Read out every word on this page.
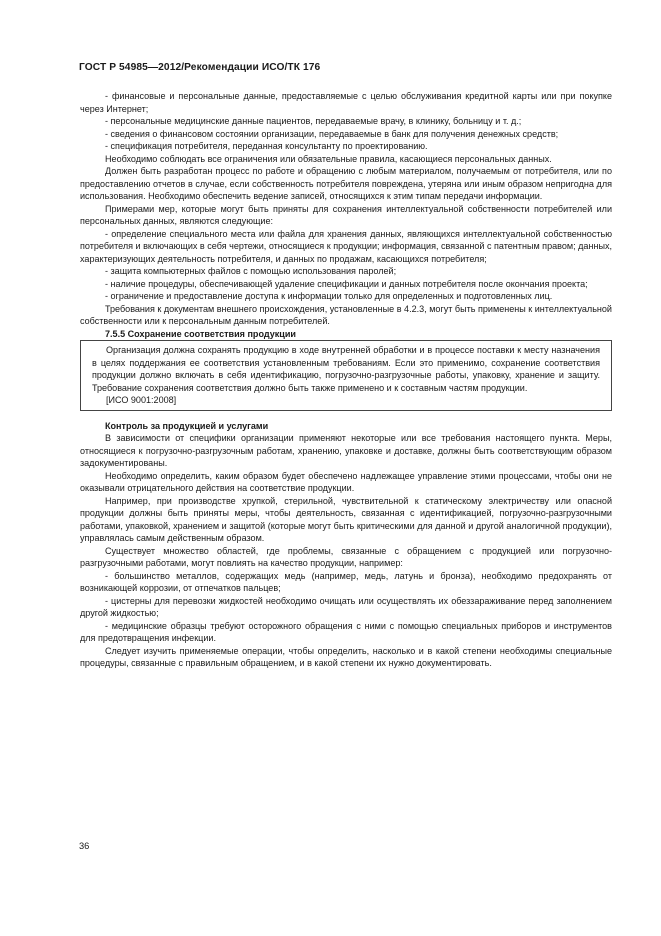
ГОСТ Р 54985—2012/Рекомендации ИСО/ТК 176

- финансовые и персональные данные, предоставляемые с целью обслуживания кредитной карты или при покупке через Интернет;

- персональные медицинские данные пациентов, передаваемые врачу, в клинику, больницу и т. д.;

- сведения о финансовом состоянии организации, передаваемые в банк для получения денежных средств;

- спецификация потребителя, переданная консультанту по проектированию.

Необходимо соблюдать все ограничения или обязательные правила, касающиеся персональных данных.

Должен быть разработан процесс по работе и обращению с любым материалом, получаемым от потребителя, или по предоставлению отчетов в случае, если собственность потребителя повреждена, утеряна или иным образом непригодна для использования. Необходимо обеспечить ведение записей, относящихся к этим типам передачи информации.

Примерами мер, которые могут быть приняты для сохранения интеллектуальной собственности потребителей или персональных данных, являются следующие:

- определение специального места или файла для хранения данных, являющихся интеллектуальной собственностью потребителя и включающих в себя чертежи, относящиеся к продукции; информация, связанной с патентным правом; данных, характеризующих деятельность потребителя, и данных по продажам, касающихся потребителя;

- защита компьютерных файлов с помощью использования паролей;

- наличие процедуры, обеспечивающей удаление спецификации и данных потребителя после окончания проекта;

- ограничение и предоставление доступа к информации только для определенных и подготовленных лиц.

Требования к документам внешнего происхождения, установленные в 4.2.3, могут быть применены к интеллектуальной собственности или к персональным данным потребителей.

7.5.5 Сохранение соответствия продукции

Организация должна сохранять продукцию в ходе внутренней обработки и в процессе поставки к месту назначения в целях поддержания ее соответствия установленным требованиям. Если это применимо, сохранение соответствия продукции должно включать в себя идентификацию, погрузочно-разгрузочные работы, упаковку, хранение и защиту. Требование сохранения соответствия должно быть также применено и к составным частям продукции.

[ИСО 9001:2008]

Контроль за продукцией и услугами

В зависимости от специфики организации применяют некоторые или все требования настоящего пункта. Меры, относящиеся к погрузочно-разгрузочным работам, хранению, упаковке и доставке, должны быть соответствующим образом задокументированы.

Необходимо определить, каким образом будет обеспечено надлежащее управление этими процессами, чтобы они не оказывали отрицательного действия на соответствие продукции.

Например, при производстве хрупкой, стерильной, чувствительной к статическому электричеству или опасной продукции должны быть приняты меры, чтобы деятельность, связанная с идентификацией, погрузочно-разгрузочными работами, упаковкой, хранением и защитой (которые могут быть критическими для данной и другой аналогичной продукции), управлялась самым действенным образом.

Существует множество областей, где проблемы, связанные с обращением с продукцией или погрузочно-разгрузочными работами, могут повлиять на качество продукции, например:

- большинство металлов, содержащих медь (например, медь, латунь и бронза), необходимо предохранять от возникающей коррозии, от отпечатков пальцев;

- цистерны для перевозки жидкостей необходимо очищать или осуществлять их обеззараживание перед заполнением другой жидкостью;

- медицинские образцы требуют осторожного обращения с ними с помощью специальных приборов и инструментов для предотвращения инфекции.

Следует изучить применяемые операции, чтобы определить, насколько и в какой степени необходимы специальные процедуры, связанные с правильным обращением, и в какой степени их нужно документировать.

36
